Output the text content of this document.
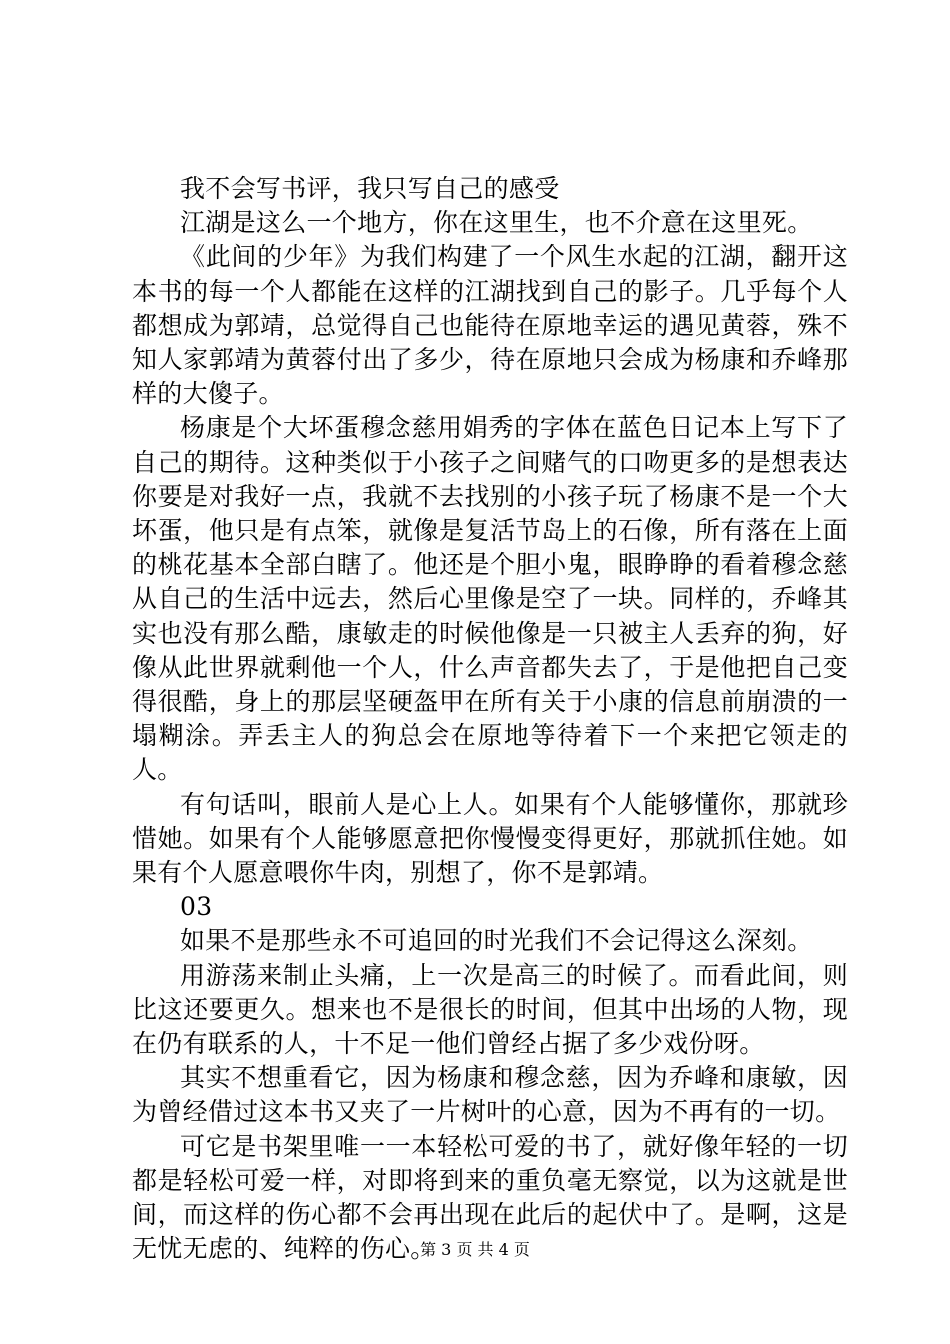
我不会写书评，我只写自己的感受

江湖是这么一个地方，你在这里生，也不介意在这里死。

《此间的少年》为我们构建了一个风生水起的江湖，翻开这本书的每一个人都能在这样的江湖找到自己的影子。几乎每个人都想成为郭靖，总觉得自己也能待在原地幸运的遇见黄蓉，殊不知人家郭靖为黄蓉付出了多少，待在原地只会成为杨康和乔峰那样的大傻子。

杨康是个大坏蛋穆念慈用娟秀的字体在蓝色日记本上写下了自己的期待。这种类似于小孩子之间赌气的口吻更多的是想表达你要是对我好一点，我就不去找别的小孩子玩了杨康不是一个大坏蛋，他只是有点笨，就像是复活节岛上的石像，所有落在上面的桃花基本全部白瞎了。他还是个胆小鬼，眼睁睁的看着穆念慈从自己的生活中远去，然后心里像是空了一块。同样的，乔峰其实也没有那么酷，康敏走的时候他像是一只被主人丢弃的狗，好像从此世界就剩他一个人，什么声音都失去了，于是他把自己变得很酷，身上的那层坚硬盔甲在所有关于小康的信息前崩溃的一塌糊涂。弄丢主人的狗总会在原地等待着下一个来把它领走的人。

有句话叫，眼前人是心上人。如果有个人能够懂你，那就珍惜她。如果有个人能够愿意把你慢慢变得更好，那就抓住她。如果有个人愿意喂你牛肉，别想了，你不是郭靖。

03

如果不是那些永不可追回的时光我们不会记得这么深刻。

用游荡来制止头痛，上一次是高三的时候了。而看此间，则比这还要更久。想来也不是很长的时间，但其中出场的人物，现在仍有联系的人，十不足一他们曾经占据了多少戏份呀。

其实不想重看它，因为杨康和穆念慈，因为乔峰和康敏，因为曾经借过这本书又夹了一片树叶的心意，因为不再有的一切。

可它是书架里唯一一本轻松可爱的书了，就好像年轻的一切都是轻松可爱一样，对即将到来的重负毫无察觉，以为这就是世间，而这样的伤心都不会再出现在此后的起伏中了。是啊，这是无忧无虑的、纯粹的伤心。

第 3 页 共 4 页
